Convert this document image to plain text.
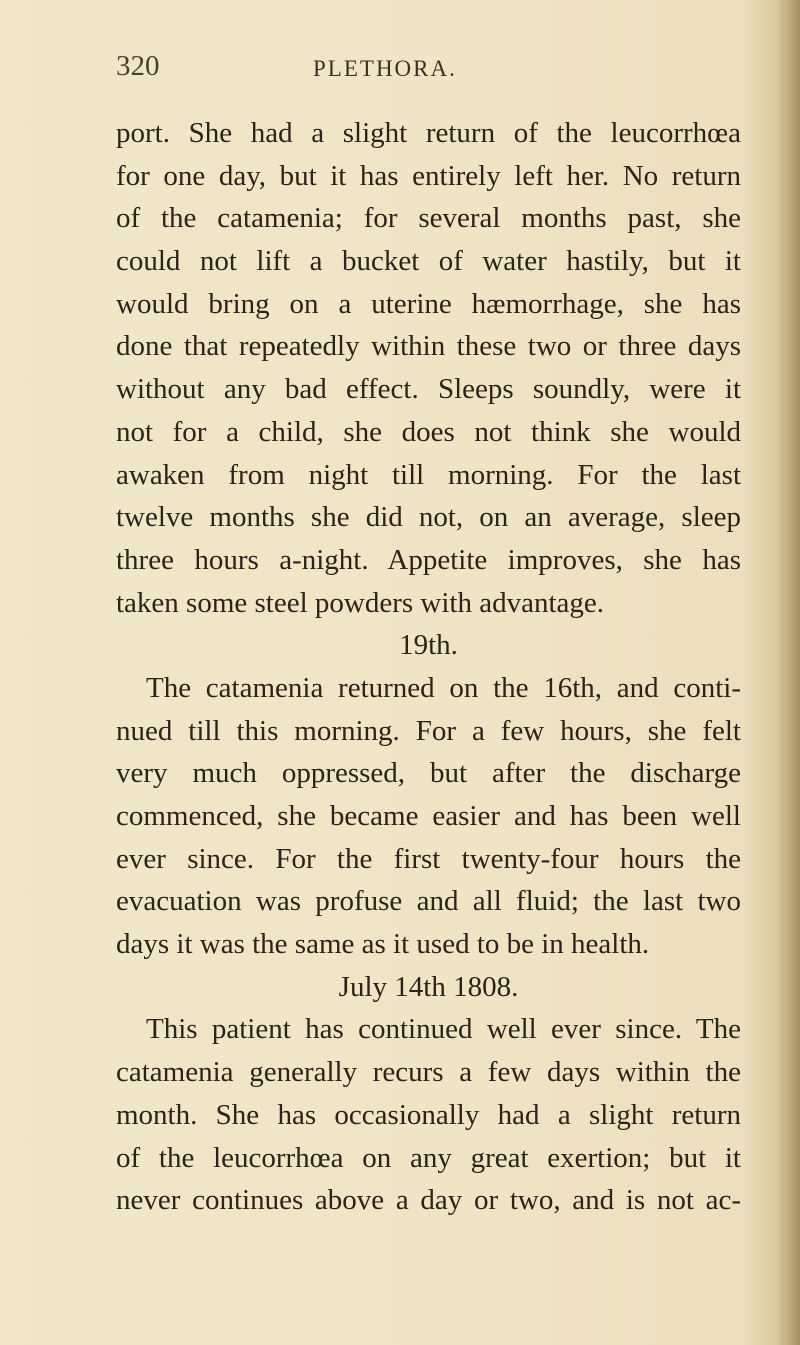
320	PLETHORA.
port. She had a slight return of the leucorrhœa
for one day, but it has entirely left her. No return
of the catamenia; for several months past, she
could not lift a bucket of water hastily, but it
would bring on a uterine hæmorrhage, she has
done that repeatedly within these two or three days
without any bad effect. Sleeps soundly, were it
not for a child, she does not think she would
awaken from night till morning. For the last
twelve months she did not, on an average, sleep
three hours a-night. Appetite improves, she has
taken some steel powders with advantage.
19th.
The catamenia returned on the 16th, and conti-
nued till this morning. For a few hours, she felt
very much oppressed, but after the discharge
commenced, she became easier and has been well
ever since. For the first twenty-four hours the
evacuation was profuse and all fluid; the last two
days it was the same as it used to be in health.
July 14th 1808.
This patient has continued well ever since. The
catamenia generally recurs a few days within the
month. She has occasionally had a slight return
of the leucorrhœa on any great exertion; but it
never continues above a day or two, and is not ac-
